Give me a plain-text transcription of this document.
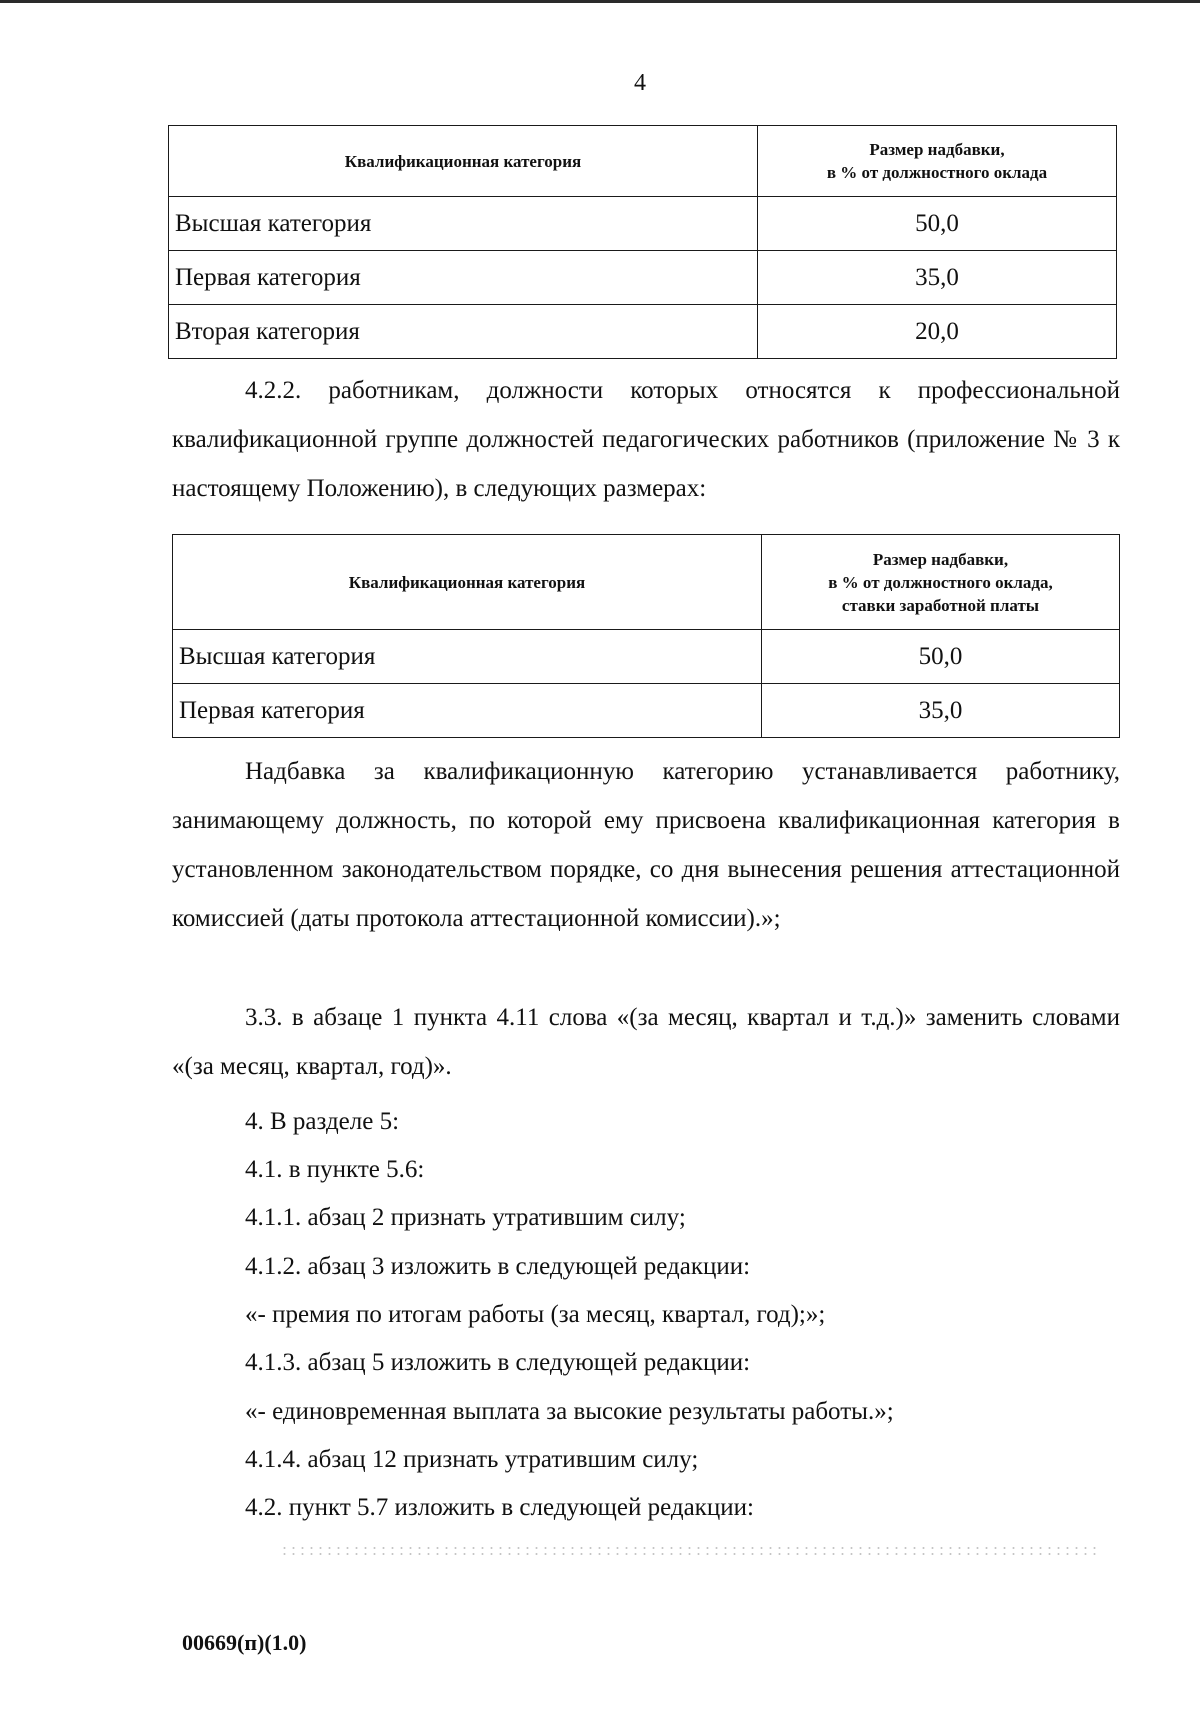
4
Квалификационная категория	Размер надбавки,
в % от должностного оклада
Высшая категория	50,0
Первая категория	35,0
Вторая категория	20,0

4.2.2. работникам, должности которых относятся к профессиональной квалификационной группе должностей педагогических работников (приложение № 3 к настоящему Положению), в следующих размерах:

Квалификационная категория	Размер надбавки,
в % от должностного оклада,
ставки заработной платы
Высшая категория	50,0
Первая категория	35,0

Надбавка за квалификационную категорию устанавливается работнику, занимающему должность, по которой ему присвоена квалификационная категория в установленном законодательством порядке, со дня вынесения решения аттестационной комиссией (даты протокола аттестационной комиссии).»;

3.3. в абзаце 1 пункта 4.11 слова «(за месяц, квартал и т.д.)» заменить словами «(за месяц, квартал, год)».

4. В разделе 5:

4.1. в пункте 5.6:

4.1.1. абзац 2 признать утратившим силу;

4.1.2. абзац 3 изложить в следующей редакции:

«- премия по итогам работы (за месяц, квартал, год);»;

4.1.3. абзац 5 изложить в следующей редакции:

«- единовременная выплата за высокие результаты работы.»;

4.1.4. абзац 12 признать утратившим силу;

4.2. пункт 5.7 изложить в следующей редакции:

00669(п)(1.0)
